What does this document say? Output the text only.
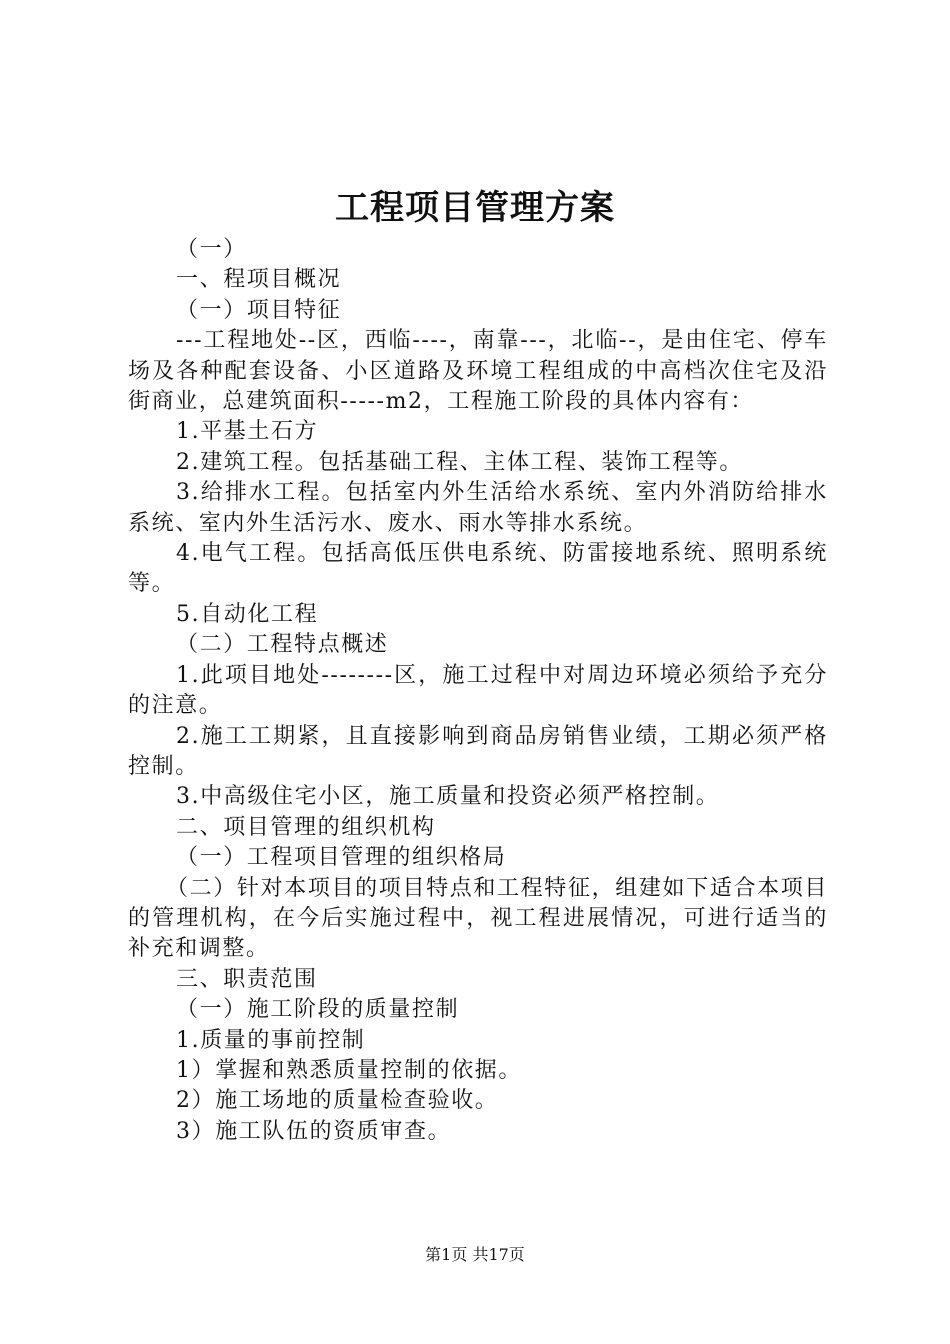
工程项目管理方案

（一）

一、程项目概况

（一）项目特征

---工程地处--区，西临----，南靠---，北临--，是由住宅、停车场及各种配套设备、小区道路及环境工程组成的中高档次住宅及沿街商业，总建筑面积-----m2，工程施工阶段的具体内容有：

1.平基土石方

2.建筑工程。包括基础工程、主体工程、装饰工程等。

3.给排水工程。包括室内外生活给水系统、室内外消防给排水系统、室内外生活污水、废水、雨水等排水系统。

4.电气工程。包括高低压供电系统、防雷接地系统、照明系统等。

5.自动化工程

（二）工程特点概述

1.此项目地处--------区，施工过程中对周边环境必须给予充分的注意。

2.施工工期紧，且直接影响到商品房销售业绩，工期必须严格控制。

3.中高级住宅小区，施工质量和投资必须严格控制。

二、项目管理的组织机构

（一）工程项目管理的组织格局

（二）针对本项目的项目特点和工程特征，组建如下适合本项目的管理机构，在今后实施过程中，视工程进展情况，可进行适当的补充和调整。

三、职责范围

（一）施工阶段的质量控制

1.质量的事前控制

1）掌握和熟悉质量控制的依据。

2）施工场地的质量检查验收。

3）施工队伍的资质审查。

第1页 共17页
